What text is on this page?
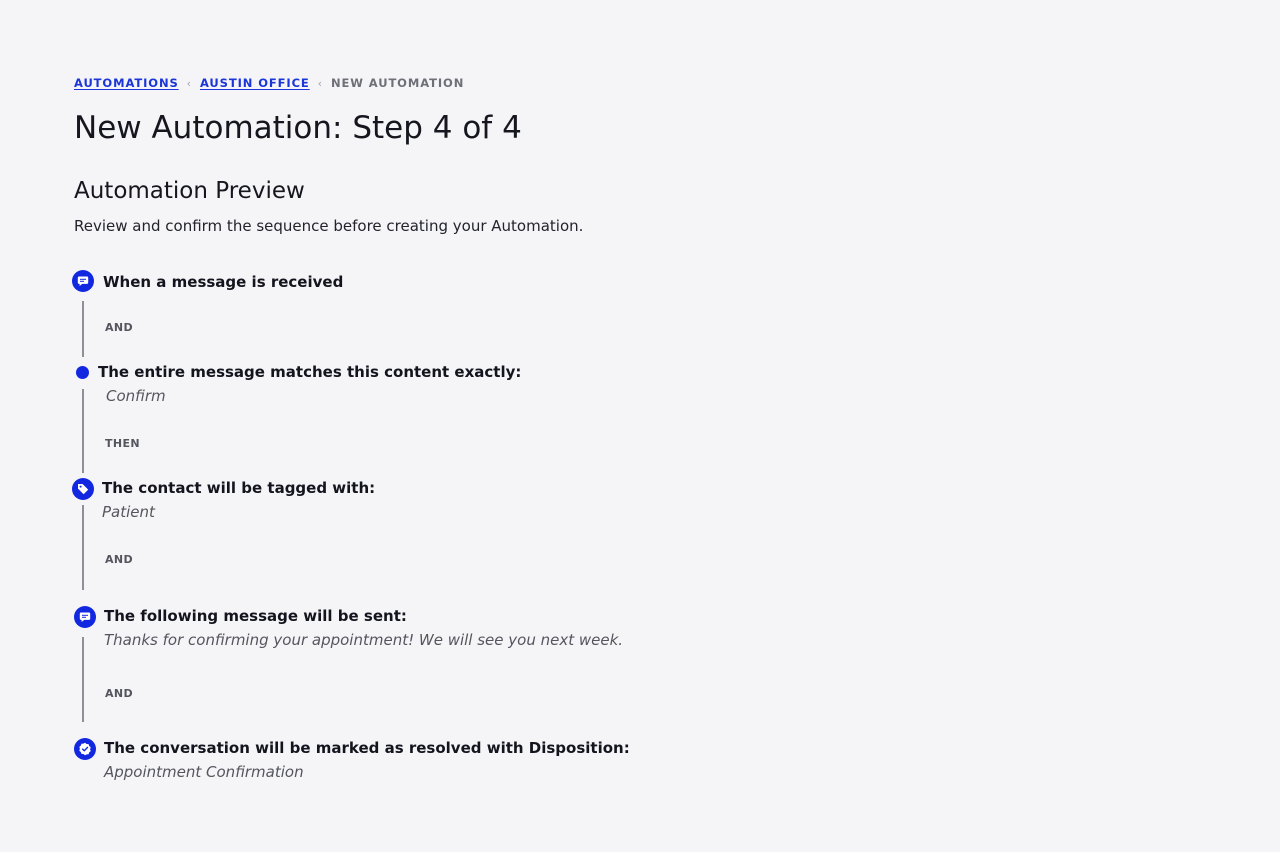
AUTOMATIONS ‹ AUSTIN OFFICE ‹ NEW AUTOMATION
New Automation: Step 4 of 4
Automation Preview

Review and confirm the sequence before creating your Automation.

When a message is received
AND
The entire message matches this content exactly:
Confirm
THEN
The contact will be tagged with:
Patient
AND
The following message will be sent:
Thanks for confirming your appointment! We will see you next week.
AND
The conversation will be marked as resolved with Disposition:
Appointment Confirmation
